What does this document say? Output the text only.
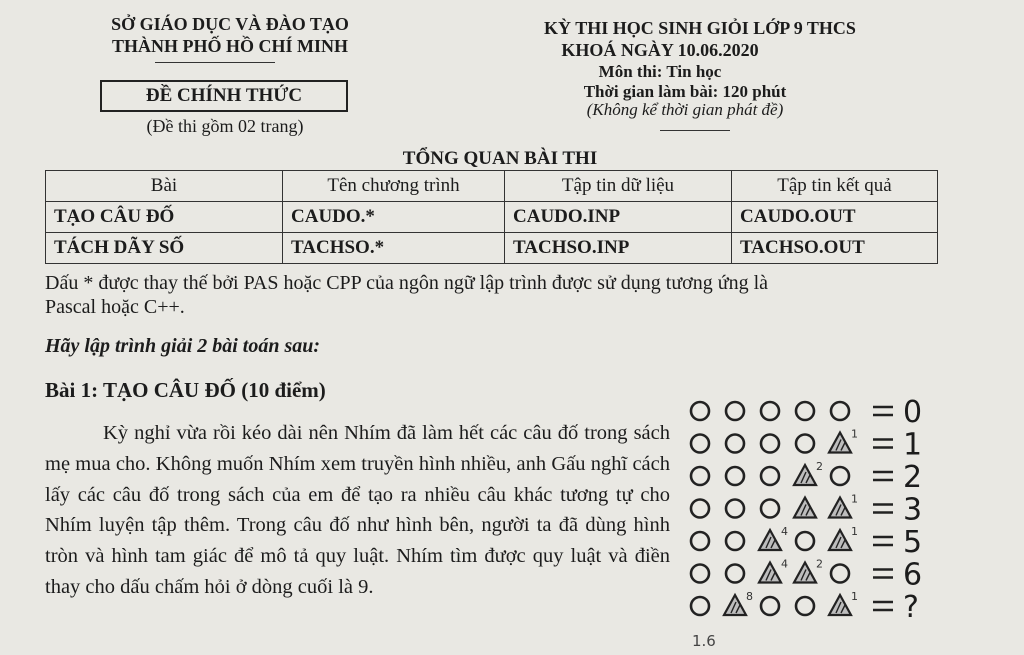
SỞ GIÁO DỤC VÀ ĐÀO TẠO
THÀNH PHỐ HỒ CHÍ MINH
ĐỀ CHÍNH THỨC
(Đề thi gồm 02 trang)
KỲ THI HỌC SINH GIỎI LỚP 9 THCS
KHOÁ NGÀY 10.06.2020
Môn thi: Tin học
Thời gian làm bài: 120 phút
(Không kể thời gian phát đề)
TỔNG QUAN BÀI THI
Bài	Tên chương trình	Tập tin dữ liệu	Tập tin kết quả
TẠO CÂU ĐỐ	CAUDO.*	CAUDO.INP	CAUDO.OUT
TÁCH DÃY SỐ	TACHSO.*	TACHSO.INP	TACHSO.OUT
Dấu * được thay thế bởi PAS hoặc CPP của ngôn ngữ lập trình được sử dụng tương ứng là
Pascal hoặc C++.
Hãy lập trình giải 2 bài toán sau:
Bài 1: TẠO CÂU ĐỐ (10 điểm)

Kỳ nghỉ vừa rồi kéo dài nên Nhím đã làm hết các câu đố trong sách mẹ mua cho. Không muốn Nhím xem truyền hình nhiều, anh Gấu nghĩ cách lấy các câu đố trong sách của em để tạo ra nhiều câu khác tương tự cho Nhím luyện tập thêm. Trong câu đố như hình bên, người ta đã dùng hình tròn và hình tam giác để mô tả quy luật. Nhím tìm được quy luật và điền thay cho dấu chấm hỏi ở dòng cuối là 9.

0
1 1
2	2
1 3
4	1 5
4	2	6
8	1 ?
1.6
